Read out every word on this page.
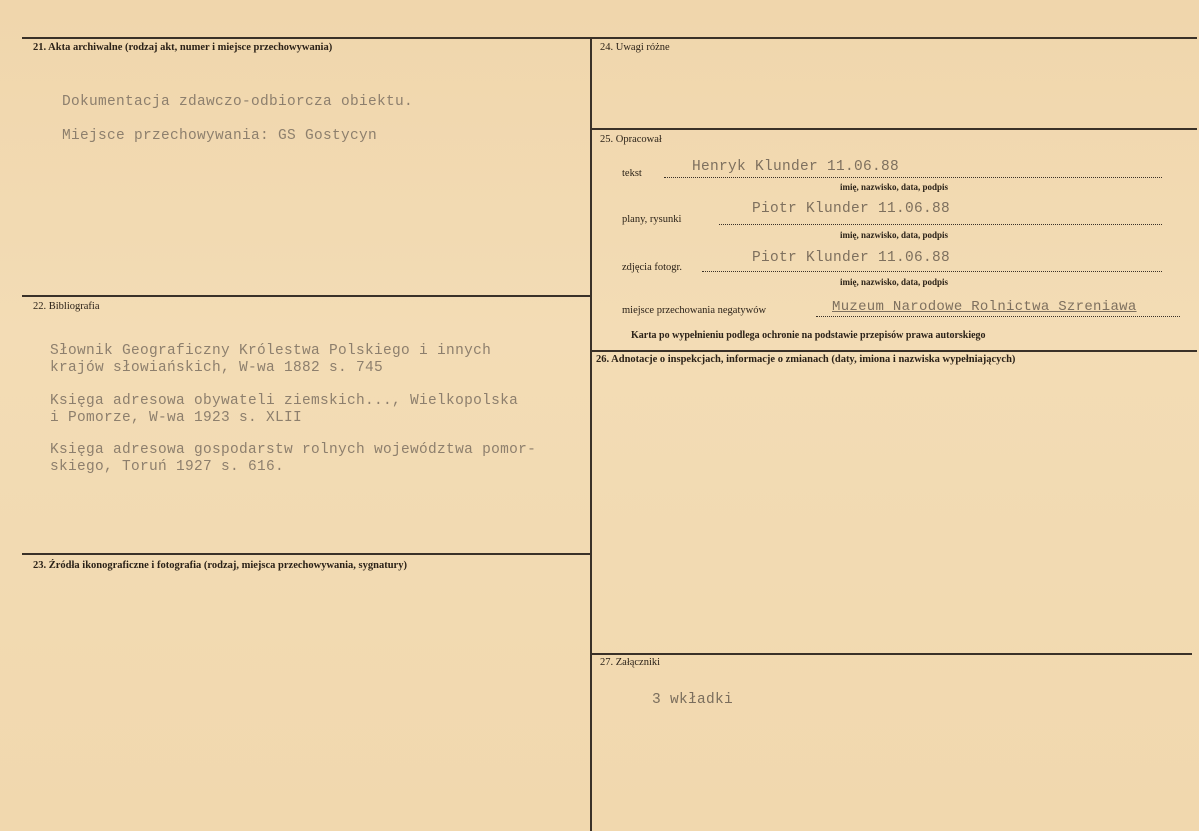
21. Akta archiwalne (rodzaj akt, numer i miejsce przechowywania)
Dokumentacja zdawczo-odbiorcza obiektu.
Miejsce przechowywania: GS Gostycyn
22. Bibliografia
Słownik Geograficzny Królestwa Polskiego i innych
krajów słowiańskich, W-wa 1882 s. 745
Księga adresowa obywateli ziemskich..., Wielkopolska
i Pomorze, W-wa 1923 s. XLII
Księga adresowa gospodarstw rolnych województwa pomor-
skiego, Toruń 1927 s. 616.
23. Źródła ikonograficzne i fotografia (rodzaj, miejsca przechowywania, sygnatury)
24. Uwagi różne
25. Opracował
tekst	Henryk Klunder 11.06.88
imię, nazwisko, data, podpis
plany, rysunki
Piotr Klunder 11.06.88
imię, nazwisko, data, podpis
zdjęcia fotogr.
Piotr Klunder 11.06.88
imię, nazwisko, data, podpis
miejsce przechowania negatywów	Muzeum Narodowe Rolnictwa Szreniawa
Karta po wypełnieniu podlega ochronie na podstawie przepisów prawa autorskiego
26. Adnotacje o inspekcjach, informacje o zmianach (daty, imiona i nazwiska wypełniających)
27. Załączniki
3 wkładki
